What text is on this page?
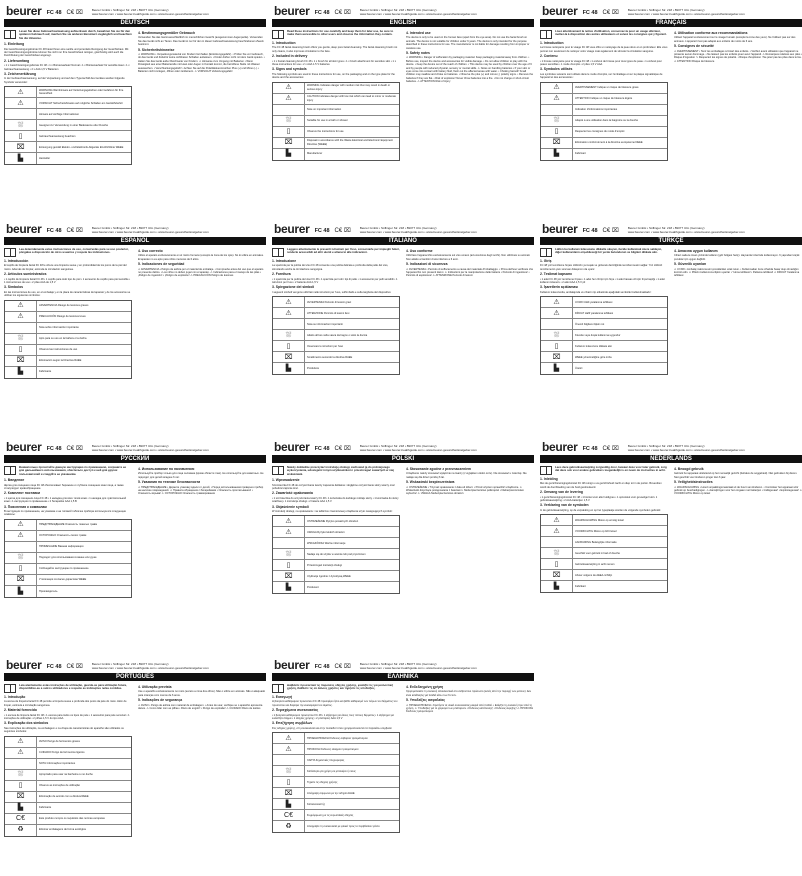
beurer FC 48 C€ ⌧	Beurer GmbH • Söflinger Str. 218 • 89077 Ulm (Germany)
www.beurer.com • www.beurer-healthguide.com • www.beurer-gesundheitsratgeber.com
DEUTSCH
Lesen Sie diese Gebrauchsanweisung aufmerksam durch, bewahren Sie sie für den späteren Gebrauch auf, machen Sie sie anderen Benutzern zugänglich und beachten Sie die Hinweise.
1. Einleitung
Die Gesichtsreinigungsbürste FC 48 bietet Ihnen eine sanfte und porentiefe Reinigung der Gesichtshaut. Mit der Gesichtsreinigungsbürste können Sie nicht nur Ihre Gesichtshaut reinigen, gleichzeitig wird auch die Durchblutung der Gesichtshaut angeregt.
2. Lieferumfang
• 1 x Gesichtsreinigungsbürste FC 48 • 1 x Bürstenaufsatz Normal • 1 x Bürstenaufsatz für sensible Haut • 1 x Gebrauchsanweisung • 2 x AAA 1,5 V Batterien
3. Zeichenerklärung
In der Gebrauchsanweisung, auf der Verpackung und auf dem Typenschild des Gerätes werden folgende Symbole verwendet:
⚠	WARNUNG Warnhinweis auf Verletzungsgefahren oder Gefahren für Ihre Gesundheit
⚠	VORSICHT Sicherheitshinweis auf mögliche Schäden am Gerät/Zubehör
Hinweis auf wichtige Informationen
⛆	Geeignet zur Verwendung in einer Badewanne oder Dusche
▯	Gebrauchsanweisung beachten
⌧	Entsorgung gemäß Elektro- und Elektronik-Altgeräte EG-Richtlinie WEEE
▙	Hersteller
4. Bestimmungsgemäßer Gebrauch
Verwenden Sie das Gerät ausschließlich im menschlichen Gesicht (ausgenommen Augenpartie). Verwenden Sie das Gerät nicht an Tieren. Das Gerät ist nur für den in dieser Gebrauchsanweisung beschriebenen Zweck bestimmt.
5. Sicherheitshinweise
⚠ WARNUNG • Verpackungsmaterial von Kindern fernhalten (Erstickungsgefahr). • Prüfen Sie vor Gebrauch, ob das Gerät und Zubehör keine sichtbaren Schäden aufweisen. • Kinder dürfen nicht mit dem Gerät spielen. • Halten Sie das Gerät außer Reichweite von Kindern. ⚠ Hinweise zum Umgang mit Batterien • Wenn Flüssigkeit aus einer Batteriezelle mit Haut oder Augen in Kontakt kommt, die betroffene Stelle mit Wasser auswaschen. • Verschluckungsgefahr! • Achten Sie auf die Polaritätskennzeichen Plus (+) und Minus (-). • Batterien nicht zerlegen, öffnen oder zerkleinern. ⚠ VORSICHT Verletzungsgefahr
beurer FC 48 C€ ⌧	Beurer GmbH • Söflinger Str. 218 • 89077 Ulm (Germany)
www.beurer.com • www.beurer-healthguide.com • www.beurer-gesundheitsratgeber.com
ENGLISH
Read these instructions for use carefully and keep them for later use, be sure to make them accessible to other users and observe the information they contain.
1. Introduction
The FC 48 facial cleansing brush offers you gentle, deep pore facial cleansing. The facial cleansing brush not only cleans, it also improves circulation to the face.
2. Included in delivery
• 1 x Facial cleansing brush FC 48 • 1 x brush for all skin types • 1 x brush attachment for sensitive skin • 1 x these instructions for use • 2 x AAA 1.5 V batteries
3. Signs and symbols
The following symbols are used in these instructions for use, on the packaging and on the type plate for the device and the accessories:
⚠	WARNING Indicates danger with medium risk that may result in death or serious injury
⚠	CAUTION Indicates danger with low risk which can lead to minor or moderate injury
Note on important information
⛆	Suitable for use in a bath or shower
▯	Observe the instructions for use
⌧	Disposal in accordance with the Waste Electrical and Electronic Equipment Directive (WEEE)
▙	Manufacturer
4. Intended use
The device is only to be used on the human face (apart from the eye area). Do not use the facial brush on animals. The device is not suitable for children under 6 years. The device is only intended for the purpose described in these instructions for use. The manufacturer is not liable for damage resulting from improper or careless use.
5. Safety notes
⚠ WARNING • Danger of suffocation by packaging material. Keep packaging material away from children. • Before use, inspect the device and accessories for visible damage. • Do not allow children to play with the device. • Keep the device out of the reach of children. • This device may be used by children over the age of 6 and by people with reduced physical, sensory or mental skills. ⚠ Notes on handling batteries • If your skin or eyes come into contact with battery fluid, flush out the affected areas with water. • Choking hazard! Small children may swallow and choke on batteries. • Observe the plus (+) and minus (-) polarity signs. • Remove the batteries if they are flat. • Risk of explosion! Never throw batteries into a fire. • Do not charge or short-circuit batteries. ⚠ ATTENTION Risk of injury
beurer FC 48 C€ ⌧	Beurer GmbH • Söflinger Str. 218 • 89077 Ulm (Germany)
www.beurer.com • www.beurer-healthguide.com • www.beurer-gesundheitsratgeber.com
FRANÇAIS
Lisez attentivement la notice d'utilisation, conservez-la pour un usage ultérieur, mettez-la à disposition des autres utilisateurs et suivez les consignes qui y figurent.
1. Introduction
La brosse nettoyante pour le visage FC 48 vous offre un nettoyage de la peau doux et en profondeur. Elle vous permet non seulement de nettoyer votre visage mais également de stimuler la circulation sanguine.
2. Contenu
• 1 brosse nettoyante pour le visage FC 48 • 1 embout de brosse pour tous types de peau • 1 embout pour peaux sensibles • 1 mode d'emploi • 2 piles 1,5 V AAA
3. Symboles utilisés
Les symboles suivants sont utilisés dans le mode d'emploi, sur l'emballage et sur la plaque signalétique de l'appareil et des accessoires :
⚠	AVERTISSEMENT Indique un risque de blessure grave
⚠	ATTENTION Indique un risque de blessure légère
Indication d'informations importantes
⛆	Adapté à une utilisation dans la baignoire ou la douche
▯	Respecter les consignes du mode d'emploi
⌧	Elimination conformément à la directive européenne DEEE
▙	Fabricant
4. Utilisation conforme aux recommandations
Utilisez l'appareil exclusivement sur le visage humain (excepté la zone des yeux). Ne l'utilisez pas sur des animaux. L'appareil n'est pas adapté aux enfants de moins de 6 ans.
5. Consignes de sécurité
⚠ AVERTISSEMENT • Tenir les emballages à l'écart des enfants. • Vérifiez avant utilisation que l'appareil ne présente aucun dommage. • Ne laissez pas les enfants jouer avec l'appareil. ⚠ Remarques relatives aux piles • Risque d'ingestion ! • Respectez les signes de polarité. • Risque d'explosion ! Ne jetez pas les piles dans le feu. ⚠ ATTENTION Risque de blessure
beurer FC 48 C€ ⌧	Beurer GmbH • Söflinger Str. 218 • 89077 Ulm (Germany)
www.beurer.com • www.beurer-healthguide.com • www.beurer-gesundheitsratgeber.com
ESPAÑOL
Lea detenidamente estas instrucciones de uso, consérvelas para su uso posterior, póngalas a disposición de otros usuarios y respete las indicaciones.
1. Introducción
El cepillo de limpieza facial FC 48 le ofrece una limpieza suave y en profundidad de los poros de la piel del rostro. Además de limpiar, estimula la circulación sanguínea.
2. Artículos suministrados
• 1 cepillo de limpieza facial FC 48 • 1 cepillo para todo tipo de piel • 1 accesorio de cepillo para piel sensible • 1 instrucciones de uso • 2 pilas AAA de 1,5 V
3. Símbolos
En las instrucciones de uso, en el embalaje y en la placa de características del aparato y de los accesorios se utilizan los siguientes símbolos:
⚠	ADVERTENCIA Riesgo de lesiones graves
⚠	PRECAUCIÓN Riesgo de lesiones leves
Nota sobre información importante
⛆	Apto para su uso en la bañera o la ducha
▯	Observe las instrucciones de uso
⌧	Eliminación según la Directiva RAEE
▙	Fabricante
4. Uso correcto
Utilice el aparato exclusivamente en el rostro humano (excepto la zona de los ojos). No lo utilice en animales. El aparato no es apto para niños menores de 6 años.
5. Indicaciones de seguridad
⚠ ADVERTENCIA • Peligro de asfixia por el material de embalaje. • Compruebe antes del uso que el aparato no presente daños. • Los niños no deben jugar con el aparato. ⚠ Indicaciones para el manejo de las pilas • ¡Peligro de ingestión! • ¡Peligro de explosión! ⚠ PRECAUCIÓN Peligro de lesiones
beurer FC 48 C€ ⌧	Beurer GmbH • Söflinger Str. 218 • 89077 Ulm (Germany)
www.beurer.com • www.beurer-healthguide.com • www.beurer-gesundheitsratgeber.com
ITALIANO
Leggere attentamente le presenti istruzioni per l'uso, conservarle per impieghi futuri, renderle accessibili ad altri utenti e attenersi alle indicazioni.
1. Introduzione
La spazzola per la pulizia del viso FC 48 consente una pulizia delicata e profonda della pelle del viso, stimolando anche la circolazione sanguigna.
2. Fornitura
• 1 spazzola per la pulizia del viso FC 48 • 1 spazzola per tutti i tipi di pelle • 1 accessorio per pelli sensibili • 1 istruzioni per l'uso • 2 batterie AAA 1,5 V
3. Spiegazione dei simboli
I seguenti simboli vengono utilizzati nelle istruzioni per l'uso, sull'imballo e sulla targhetta del dispositivo:
⚠	AVVERTENZA Pericolo di lesioni gravi
⚠	ATTENZIONE Pericolo di lesioni lievi
Nota su informazioni importanti
⛆	Adatto all'uso nella vasca da bagno o sotto la doccia
▯	Osservare le istruzioni per l'uso
⌧	Smaltimento secondo la direttiva RAEE
▙	Produttore
4. Uso conforme
Utilizzare l'apparecchio esclusivamente sul viso umano (ad eccezione degli occhi). Non utilizzare su animali. Non adatto a bambini di età inferiore a 6 anni.
5. Indicazioni di sicurezza
⚠ AVVERTENZA • Pericolo di soffocamento a causa del materiale d'imballaggio. • Prima dell'uso verificare che l'apparecchio non presenti danni. ⚠ Indicazioni per la manipolazione delle batterie • Pericolo di ingestione! • Pericolo di esplosione! ⚠ ATTENZIONE Pericolo di lesioni
beurer FC 48 C€ ⌧	Beurer GmbH • Söflinger Str. 218 • 89077 Ulm (Germany)
www.beurer.com • www.beurer-healthguide.com • www.beurer-gesundheitsratgeber.com
TÜRKÇE
Lütfen bu kullanım kılavuzunu dikkatle okuyun, ileride kullanmak üzere saklayın, diğer kullanıcıların erişebileceği bir yerde bulundurun ve bilgileri dikkate alın.
1. Giriş
FC 48 yüz temizleme fırçası cildinizin yumuşak ve gözenek derinliğinde temizlenmesini sağlar. Yüz cildinizi temizlemenin yanı sıra kan dolaşımını da uyarır.
2. Teslimat kapsamı
• 1 adet FC 48 yüz temizleme fırçası • 1 adet her cilt tipi için fırça • 1 adet hassas cilt için fırça başlığı • 1 adet kullanım kılavuzu • 2 adet AAA 1,5 V pil
3. İşaretlerin açıklaması
Kullanım kılavuzunda, ambalajında ve cihazın tip etiketinde aşağıdaki semboller kullanılmaktadır:
⚠	UYARI Ciddi yaralanma tehlikesi
⚠	DİKKAT Hafif yaralanma tehlikesi
Önemli bilgilere ilişkin not
⛆	Küvette veya duşta kullanıma uygundur
▯	Kullanım kılavuzunu dikkate alın
⌧	WEEE yönetmeliğine göre imha
▙	Üretici
4. Amacına uygun kullanım
Cihazı sadece insan yüzünde kullanın (göz bölgesi hariç). Hayvanlar üzerinde kullanmayın. 6 yaşından küçük çocuklar için uygun değildir.
5. Güvenlik uyarıları
⚠ UYARI • Ambalaj malzemesini çocuklardan uzak tutun. • Kullanmadan önce cihazda hasar olup olmadığını kontrol edin. ⚠ Pillerin kullanımına ilişkin uyarılar • Yutma tehlikesi! • Patlama tehlikesi! ⚠ DİKKAT Yaralanma tehlikesi
beurer FC 48 C€ ⌧	Beurer GmbH • Söflinger Str. 218 • 89077 Ulm (Germany)
www.beurer.com • www.beurer-healthguide.com • www.beurer-gesundheitsratgeber.com
РУССКИЙ
Внимательно прочитайте данную инструкцию по применению, сохраните ее для дальнейшего использования, обеспечьте доступ к ней для других пользователей и следуйте ее указаниям.
1. Введение
Щетка для очищения лица FC 48 обеспечивает бережное и глубокое очищение кожи лица, а также стимулирует кровообращение.
2. Комплект поставки
• 1 щетка для очищения лица FC 48 • 1 насадка для всех типов кожи • 1 насадка для чувствительной кожи • 1 инструкция по применению • 2 батарейки AAA 1,5 В
3. Пояснения к символам
В инструкции по применению, на упаковке и на типовой табличке прибора используются следующие символы:
⚠	ПРЕДУПРЕЖДЕНИЕ Опасность тяжелых травм
⚠	ОСТОРОЖНО Опасность легких травм
ПРИМЕЧАНИЕ Важная информация
⛆	Подходит для использования в ванне или душе
▯	Соблюдайте инструкцию по применению
⌧	Утилизация согласно директиве WEEE
▙	Производитель
4. Использование по назначению
Используйте прибор только для лица человека (кроме области глаз). Не используйте для животных. Не подходит для детей младше 6 лет.
5. Указания по технике безопасности
⚠ ПРЕДУПРЕЖДЕНИЕ • Держите упаковку вдали от детей. • Перед использованием проверьте прибор на наличие повреждений. ⚠ Правила обращения с батарейками • Опасность проглатывания! • Опасность взрыва! ⚠ ОСТОРОЖНО Опасность травмирования
beurer FC 48 C€ ⌧	Beurer GmbH • Söflinger Str. 218 • 89077 Ulm (Germany)
www.beurer.com • www.beurer-healthguide.com • www.beurer-gesundheitsratgeber.com
POLSKI
Należy dokładnie przeczytać instrukcję obsługi, zachować ją do późniejszego wykorzystania, udostępnić innym użytkownikom i przestrzegać zawartych w niej wskazówek.
1. Wprowadzenie
Szczoteczka FC 48 do oczyszczania twarzy zapewnia delikatne i dogłębne oczyszczanie skóry twarzy oraz pobudza krążenie krwi.
2. Zawartość opakowania
• 1 szczoteczka do oczyszczania twarzy FC 48 • 1 końcówka do każdego rodzaju skóry • 1 końcówka do skóry wrażliwej • 1 instrukcja obsługi • 2 baterie AAA 1,5 V
3. Objaśnienie symboli
W instrukcji obsługi, na opakowaniu i na tabliczce znamionowej urządzenia użyto następujących symboli:
⚠	OSTRZEŻENIE Ryzyko poważnych obrażeń
⚠	UWAGA Ryzyko lekkich obrażeń
WSKAZÓWKA Ważne informacje
⛆	Nadaje się do użytku w wannie lub pod prysznicem
▯	Przestrzegać instrukcji obsługi
⌧	Utylizacja zgodnie z dyrektywą WEEE
▙	Producent
4. Stosowanie zgodne z przeznaczeniem
Urządzenie należy stosować wyłącznie na twarzy (z wyjątkiem okolic oczu). Nie stosować u zwierząt. Nie nadaje się dla dzieci poniżej 6 lat.
5. Wskazówki bezpieczeństwa
⚠ OSTRZEŻENIE • Trzymać opakowanie z dala od dzieci. • Przed użyciem sprawdzić urządzenie. ⚠ Wskazówki dotyczące postępowania z bateriami • Niebezpieczeństwo połknięcia! • Niebezpieczeństwo wybuchu! ⚠ UWAGA Niebezpieczeństwo obrażeń
beurer FC 48 C€ ⌧	Beurer GmbH • Söflinger Str. 218 • 89077 Ulm (Germany)
www.beurer.com • www.beurer-healthguide.com • www.beurer-gesundheitsratgeber.com
NEDERLANDS
Lees deze gebruiksaanwijzing zorgvuldig door, bewaar deze voor later gebruik, zorg dat deze ook voor andere gebruikers toegankelijk is en neem de instructies in acht.
1. Inleiding
Met de gezichtsreinigingsborstel FC 48 reinigt u uw gezichtshuid zacht en diep tot in de poriën. Bovendien wordt de doorbloeding van de huid gestimuleerd.
2. Omvang van de levering
• 1 gezichtsreinigingsborstel FC 48 • 1 borstel voor alle huidtypes • 1 opzetstuk voor gevoelige huid • 1 gebruiksaanwijzing • 2 AAA-batterijen 1,5 V
3. Verklaring van de symbolen
In de gebruiksaanwijzing, op de verpakking en op het typeplaatje worden de volgende symbolen gebruikt:
⚠	WAARSCHUWING Risico op ernstig letsel
⚠	VOORZICHTIG Risico op licht letsel
AANWIJZING Belangrijke informatie
⛆	Geschikt voor gebruik in bad of douche
▯	Gebruiksaanwijzing in acht nemen
⌧	Afvoer volgens de AEEA-richtlijn
▙	Fabrikant
4. Beoogd gebruik
Gebruik het apparaat uitsluitend op het menselijk gezicht (behalve de ooggebied). Niet gebruiken bij dieren. Niet geschikt voor kinderen jonger dan 6 jaar.
5. Veiligheidsinstructies
⚠ WAARSCHUWING • Houd verpakkingsmateriaal uit de buurt van kinderen. • Controleer het apparaat vóór gebruik op beschadigingen. ⚠ Aanwijzingen voor het omgaan met batterijen • Inslikgevaar! • Explosiegevaar! ⚠ VOORZICHTIG Risico op letsel
beurer FC 48 C€ ⌧	Beurer GmbH • Söflinger Str. 218 • 89077 Ulm (Germany)
www.beurer.com • www.beurer-healthguide.com • www.beurer-gesundheitsratgeber.com
PORTUGUES
Leia atentamente estas instruções de utilização, guarde-as para utilização futura, disponibilize-as a outros utilizadores e respeite as indicações nelas contidas.
1. Introdução
A escova de limpeza facial FC 48 permite a limpeza suave e profunda dos poros da pele do rosto. Além de limpar, estimula a circulação sanguínea.
2. Material fornecido
• 1 escova de limpeza facial FC 48 • 1 escova para todos os tipos de pele • 1 acessório para pele sensível • 1 instruções de utilização • 2 pilhas 1,5 V do tipo AAA
3. Explicação dos símbolos
Nas instruções de utilização, na embalagem e na chapa de características do aparelho são utilizados os seguintes símbolos:
⚠	AVISO Perigo de ferimentos graves
⚠	CUIDADO Perigo de ferimentos ligeiros
NOTA Informações importantes
⛆	Apropriado para usar na banheira ou no duche
▯	Observe as instruções de utilização
⌧	Eliminação de acordo com a diretiva REEE
▙	Fabricante
C€	Este produto cumpre os requisitos das normas europeias
♻	Eliminar embalagens de forma ecológica
4. Utilização prevista
Use o aparelho exclusivamente no rosto (exceto a zona dos olhos). Não o utilize em animais. Não é adequado para crianças com menos de 6 anos.
5. Indicações de segurança
⚠ AVISO • Perigo de asfixia com material de embalagem. • Antes de usar, verifique se o aparelho apresenta danos. ⚠ Como lidar com as pilhas • Risco de engolir! • Perigo de explosão! ⚠ CUIDADO Risco de lesões
beurer FC 48 C€ ⌧	Beurer GmbH • Söflinger Str. 218 • 89077 Ulm (Germany)
www.beurer.com • www.beurer-healthguide.com • www.beurer-gesundheitsratgeber.com
ΕΛΛΗΝΙΚΑ
Διαβάστε προσεκτικά τις παρούσες οδηγίες χρήσης, φυλάξτε τις για μελλοντική χρήση, διαθέστε τις σε άλλους χρήστες και τηρήστε τις υποδείξεις.
1. Εισαγωγή
Η βούρτσα καθαρισμού προσώπου FC 48 προσφέρει ήπιο και βαθύ καθαρισμό των πόρων του δέρματος του προσώπου και διεγείρει την κυκλοφορία του αίματος.
2. Περιεχόμενα συσκευασίας
• 1 βούρτσα καθαρισμού προσώπου FC 48 • 1 εξάρτημα για όλους τους τύπους δέρματος • 1 εξάρτημα για ευαίσθητο δέρμα • 1 οδηγίες χρήσης • 2 μπαταρίες AAA 1,5 V
3. Επεξήγηση συμβόλων
Στις οδηγίες χρήσης, στη συσκευασία και στην πινακίδα τύπου χρησιμοποιούνται τα παρακάτω σύμβολα:
⚠	ΠΡΟΕΙΔΟΠΟΙΗΣΗ Κίνδυνος σοβαρού τραυματισμού
⚠	ΠΡΟΣΟΧΗ Κίνδυνος ελαφρού τραυματισμού
ΧΑΡΤΑ Σημαντικές πληροφορίες
⛆	Κατάλληλο για χρήση σε μπανιέρα ή ντους
▯	Τηρείτε τις οδηγίες χρήσης
⌧	Απόρριψη σύμφωνα με την οδηγία ΑΗΗΕ
▙	Κατασκευαστής
C€	Συμμόρφωση με τις ευρωπαϊκές οδηγίες
♻	Απορρίψτε τη συσκευασία με φιλικό προς το περιβάλλον τρόπο
4. Ενδεδειγμένη χρήση
Χρησιμοποιείτε τη συσκευή αποκλειστικά στο ανθρώπινο πρόσωπο (εκτός από την περιοχή των ματιών). Δεν είναι κατάλληλη για παιδιά κάτω των 6 ετών.
5. Υποδείξεις ασφαλείας
⚠ ΠΡΟΕΙΔΟΠΟΙΗΣΗ • Κρατήστε τα υλικά συσκευασίας μακριά από παιδιά. • Ελέγξτε τη συσκευή πριν από τη χρήση. ⚠ Υποδείξεις για το χειρισμό των μπαταριών • Κίνδυνος κατάποσης! • Κίνδυνος έκρηξης! ⚠ ΠΡΟΣΟΧΗ Κίνδυνος τραυματισμού
